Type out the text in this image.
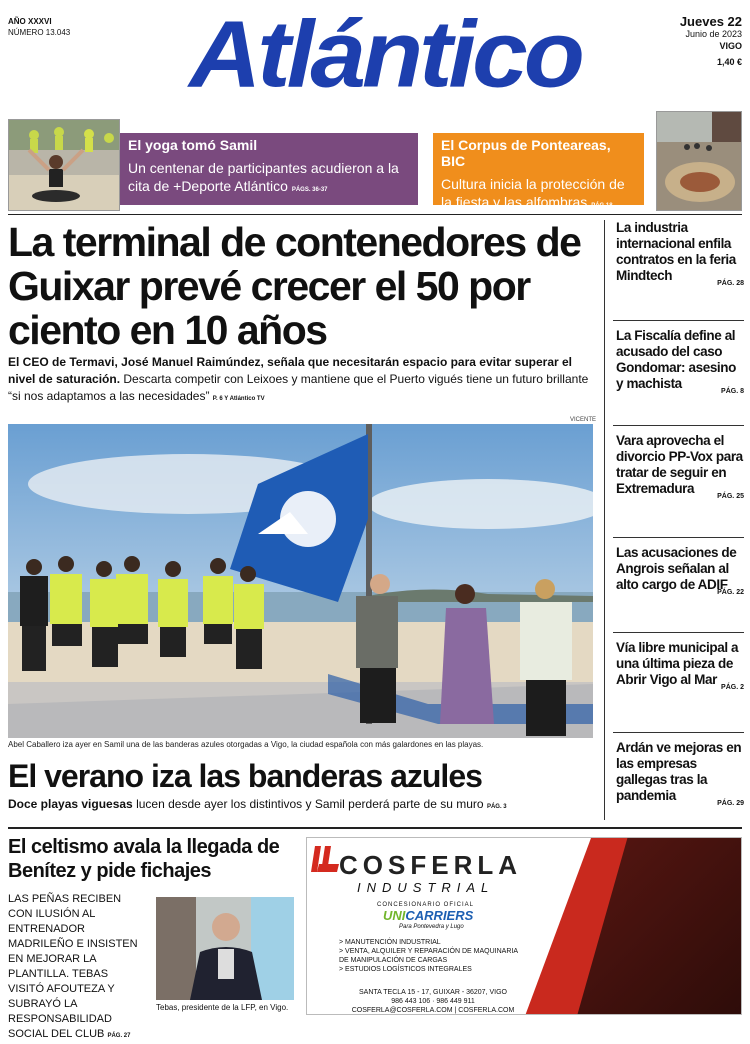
AÑO XXXVI
NÚMERO 13.043	Atlántico	Jueves 22
Junio de 2023
VIGO
1,40 €
El yoga tomó Samil

Un centenar de participantes acudieron a la cita de +Deporte Atlántico PÁGS. 36-37

El Corpus de Ponteareas, BIC

Cultura inicia la protección de la fiesta y las alfombras PÁG.18

La terminal de contenedores de Guixar prevé crecer el 50 por ciento en 10 años
El CEO de Termavi, José Manuel Raimúndez, señala que necesitarán espacio para evitar superar el nivel de saturación. Descarta competir con Leixoes y mantiene que el Puerto vigués tiene un futuro brillante “si nos adaptamos a las necesidades” P. 6 Y Atlántico TV
VICENTE
Abel Caballero iza ayer en Samil una de las banderas azules otorgadas a Vigo, la ciudad española con más galardones en las playas.
El verano iza las banderas azules
Doce playas viguesas lucen desde ayer los distintivos y Samil perderá parte de su muro PÁG. 3
La industria internacional enfila contratos en la feria Mindtech
PÁG. 28
La Fiscalía define al acusado del caso Gondomar: asesino y machista
PÁG. 8
Vara aprovecha el divorcio PP-Vox para tratar de seguir en Extremadura
PÁG. 25
Las acusaciones de Angrois señalan al alto cargo de ADIF
PÁG. 22
Vía libre municipal a una última pieza de Abrir Vigo al Mar
PÁG. 2
Ardán ve mejoras en las empresas gallegas tras la pandemia
PÁG. 29
El celtismo avala la llegada de Benítez y pide fichajes
LAS PEÑAS RECIBEN CON ILUSIÓN AL ENTRENADOR MADRILEÑO E INSISTEN EN MEJORAR LA PLANTILLA. TEBAS VISITÓ AFOUTEZA Y SUBRAYÓ LA RESPONSABILIDAD SOCIAL DEL CLUB PÁG. 27
Tebas, presidente de la LFP, en Vigo.
COSFERLA
INDUSTRIAL
CONCESIONARIO OFICIAL
UNICARRIERS
Para Pontevedra y Lugo
> MANUTENCIÓN INDUSTRIAL
> VENTA, ALQUILER Y REPARACIÓN DE MAQUINARIA DE MANIPULACIÓN DE CARGAS
> ESTUDIOS LOGÍSTICOS INTEGRALES
SANTA TECLA 15 - 17, GUIXAR - 36207, VIGO
986 443 106 · 986 449 911
COSFERLA@COSFERLA.COM | COSFERLA.COM
